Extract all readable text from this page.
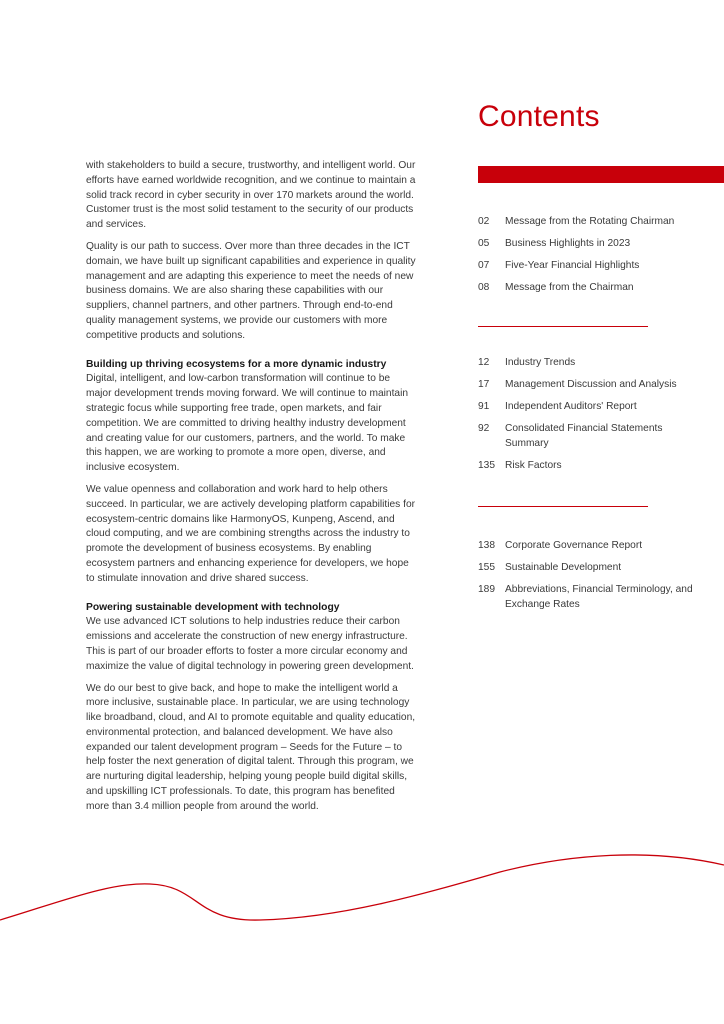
with stakeholders to build a secure, trustworthy, and intelligent world. Our efforts have earned worldwide recognition, and we continue to maintain a solid track record in cyber security in over 170 markets around the world. Customer trust is the most solid testament to the security of our products and services.

Quality is our path to success. Over more than three decades in the ICT domain, we have built up significant capabilities and experience in quality management and are adapting this experience to meet the needs of new business domains. We are also sharing these capabilities with our suppliers, channel partners, and other partners. Through end-to-end quality management systems, we provide our customers with more competitive products and solutions.

Building up thriving ecosystems for a more dynamic industry

Digital, intelligent, and low-carbon transformation will continue to be major development trends moving forward. We will continue to maintain strategic focus while supporting free trade, open markets, and fair competition. We are committed to driving healthy industry development and creating value for our customers, partners, and the world. To make this happen, we are working to promote a more open, diverse, and inclusive ecosystem.

We value openness and collaboration and work hard to help others succeed. In particular, we are actively developing platform capabilities for ecosystem-centric domains like HarmonyOS, Kunpeng, Ascend, and cloud computing, and we are combining strengths across the industry to promote the development of business ecosystems. By enabling ecosystem partners and enhancing experience for developers, we hope to stimulate innovation and drive shared success.

Powering sustainable development with technology

We use advanced ICT solutions to help industries reduce their carbon emissions and accelerate the construction of new energy infrastructure. This is part of our broader efforts to foster a more circular economy and maximize the value of digital technology in powering green development.

We do our best to give back, and hope to make the intelligent world a more inclusive, sustainable place. In particular, we are using technology like broadband, cloud, and AI to promote equitable and quality education, environmental protection, and balanced development. We have also expanded our talent development program – Seeds for the Future – to help foster the next generation of digital talent. Through this program, we are nurturing digital leadership, helping young people build digital skills, and upskilling ICT professionals. To date, this program has benefited more than 3.4 million people from around the world.

Contents
02	Message from the Rotating Chairman
05	Business Highlights in 2023
07	Five-Year Financial Highlights
08	Message from the Chairman
12	Industry Trends
17	Management Discussion and Analysis
91	Independent Auditors' Report
92	Consolidated Financial Statements Summary
135 Risk Factors
138 Corporate Governance Report
155 Sustainable Development
189 Abbreviations, Financial Terminology, and Exchange Rates
